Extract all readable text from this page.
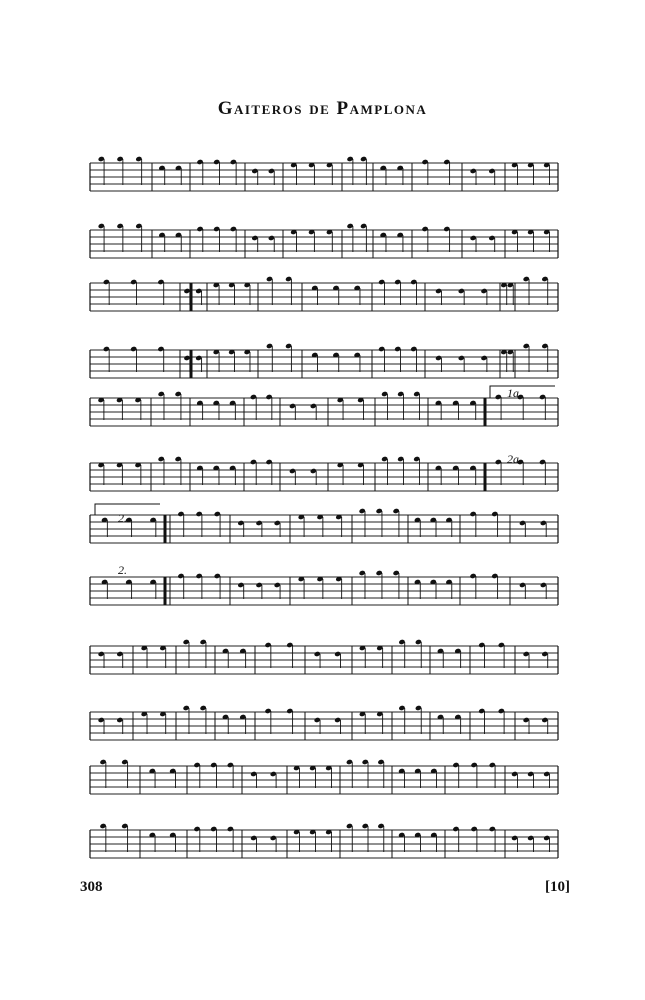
Gaiteros de Pamplona
1a.
2a.
2.
2.
308	[10]
